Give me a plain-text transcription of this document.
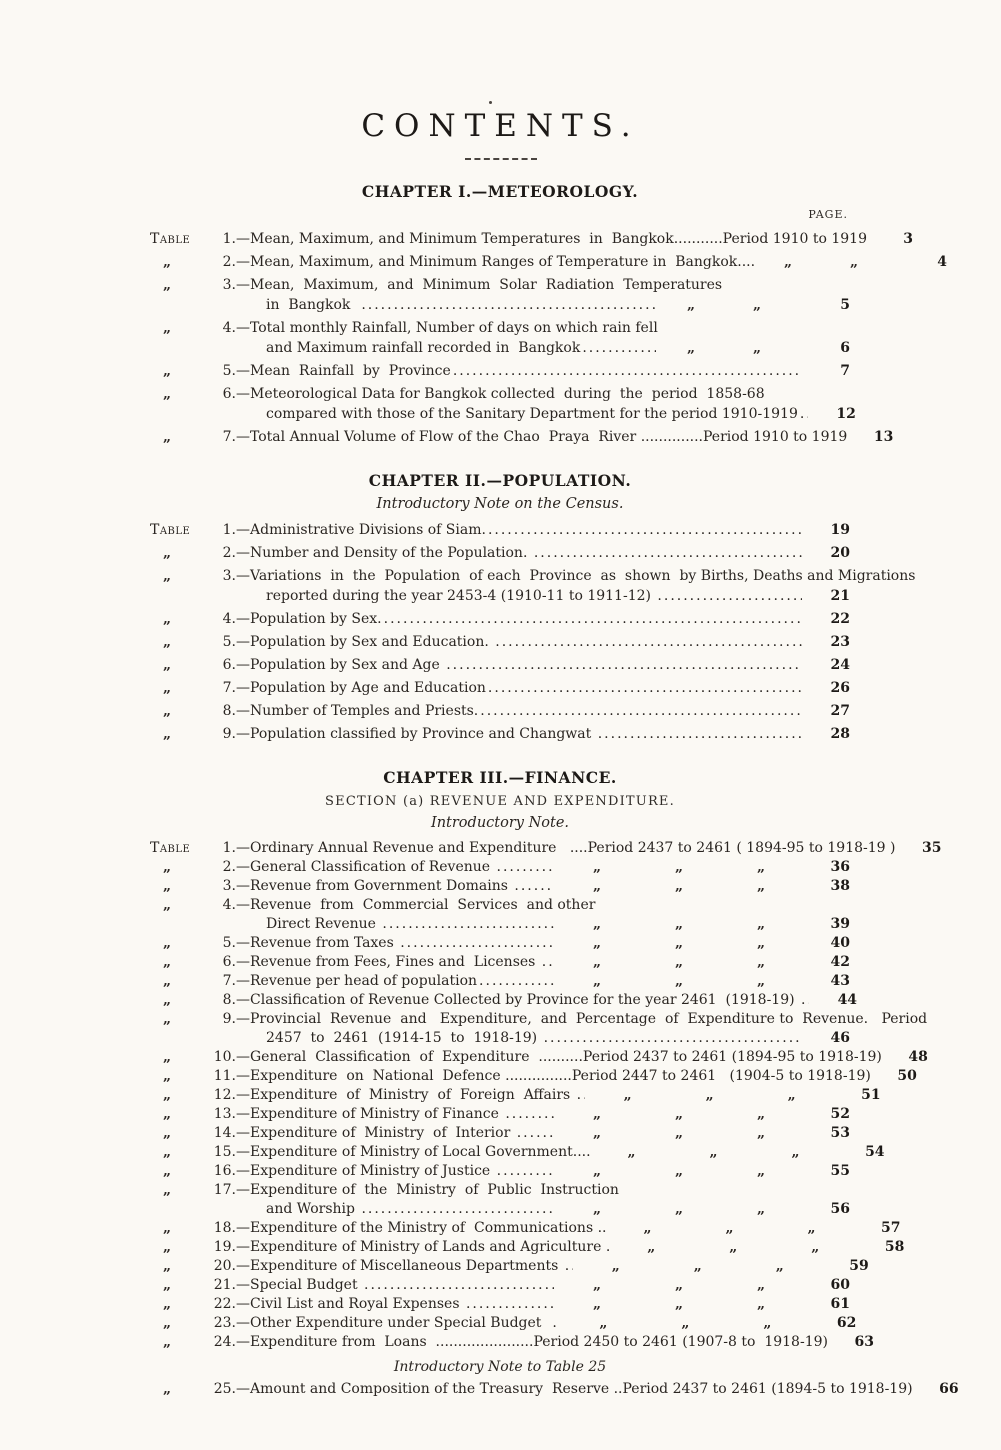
CONTENTS.
CHAPTER I.—METEOROLOGY.
PAGE.
Table	1.— Mean, Maximum, and Minimum Temperatures  in  Bangkok ...........Period 1910 to 1919	3
„	2.— Mean, Maximum, and Minimum Ranges of Temperature in  Bangkok.... „	„	4
„	3.— Mean,  Maximum,  and  Minimum  Solar  Radiation  Temperatures
in  Bangkok .....	„	„	5
„	4.— Total monthly Rainfall, Number of days on which rain fell
and Maximum rainfall recorded in  Bangkok .....	„	„	6
„	5.— Mean  Rainfall  by  Province .....	7
„	6.— Meteorological Data for Bangkok collected  during  the  period  1858-68
compared with those of the Sanitary Department for the period 1910-1919 .....	12
„	7.— Total Annual Volume of Flow of the Chao  Praya  River ..............Period 1910 to 1919	13
CHAPTER II.—POPULATION.
Introductory Note on the Census.
Table	1.— Administrative Divisions of Siam. .....	19
„	2.— Number and Density of the Population. .....	20
„	3.— Variations  in  the  Population  of each  Province  as  shown  by Births, Deaths and Migrations
reported during the year 2453-4 (1910-11 to 1911-12) .....	21
„	4.— Population by Sex. .....	22
„	5.— Population by Sex and Education. .....	23
„	6.— Population by Sex and Age .....	24
„	7.— Population by Age and Education .....	26
„	8.— Number of Temples and Priests. .....	27
„	9.— Population classified by Province and Changwat .....	28
CHAPTER III.—FINANCE.
SECTION (a) REVENUE AND EXPENDITURE.
Introductory Note.
Table	1.— Ordinary Annual Revenue and Expenditure ....Period 2437 to 2461 ( 1894-95 to 1918-19 )	35
„	2.— General Classification of Revenue .....	„	„	„	36
„	3.— Revenue from Government Domains .....	„	„	„	38
„	4.— Revenue  from  Commercial  Services  and other
Direct Revenue .....	„	„	„	39
„	5.— Revenue from Taxes .....	„	„	„	40
„	6.— Revenue from Fees, Fines and  Licenses .....	„	„	„	42
„	7.— Revenue per head of population .....	„	„	„	43
„	8.— Classification of Revenue Collected by Province for the year 2461  (1918-19) .....	44
„	9.— Provincial  Revenue  and   Expenditure,  and  Percentage  of  Expenditure to  Revenue.   Period
2457  to  2461  (1914-15  to  1918-19) .....	46
„	10.— General  Classification  of  Expenditure ..........Period 2437 to 2461 (1894-95 to 1918-19)	48
„	11.— Expenditure  on  National  Defence ...............Period 2447 to 2461   (1904-5 to 1918-19)	50
„	12.— Expenditure  of  Ministry  of  Foreign  Affairs .....	„	„	„	51
„	13.— Expenditure of Ministry of Finance .....	„	„	„	52
„	14.— Expenditure of  Ministry  of  Interior .....	„	„	„	53
„	15.— Expenditure of Ministry of Local Government....	„	„	„	54
„	16.— Expenditure of Ministry of Justice .....	„	„	„	55
„	17.— Expenditure of  the  Ministry  of  Public  Instruction
and Worship .....	„	„	„	56
„	18.— Expenditure of the Ministry of  Communications ..	„	„	„	57
„	19.— Expenditure of Ministry of Lands and Agriculture .	„	„	„	58
„	20.— Expenditure of Miscellaneous Departments .....	„	„	„	59
„	21.— Special Budget .....	„	„	„	60
„	22.— Civil List and Royal Expenses .....	„	„	„	61
„	23.— Other Expenditure under Special Budget .....	„	„	„	62
„	24.— Expenditure from  Loans ......................Period 2450 to 2461 (1907-8 to  1918-19)	63
Introductory Note to Table 25
„	25.— Amount and Composition of the Treasury  Reserve ..Period 2437 to 2461 (1894-5 to 1918-19)	66
